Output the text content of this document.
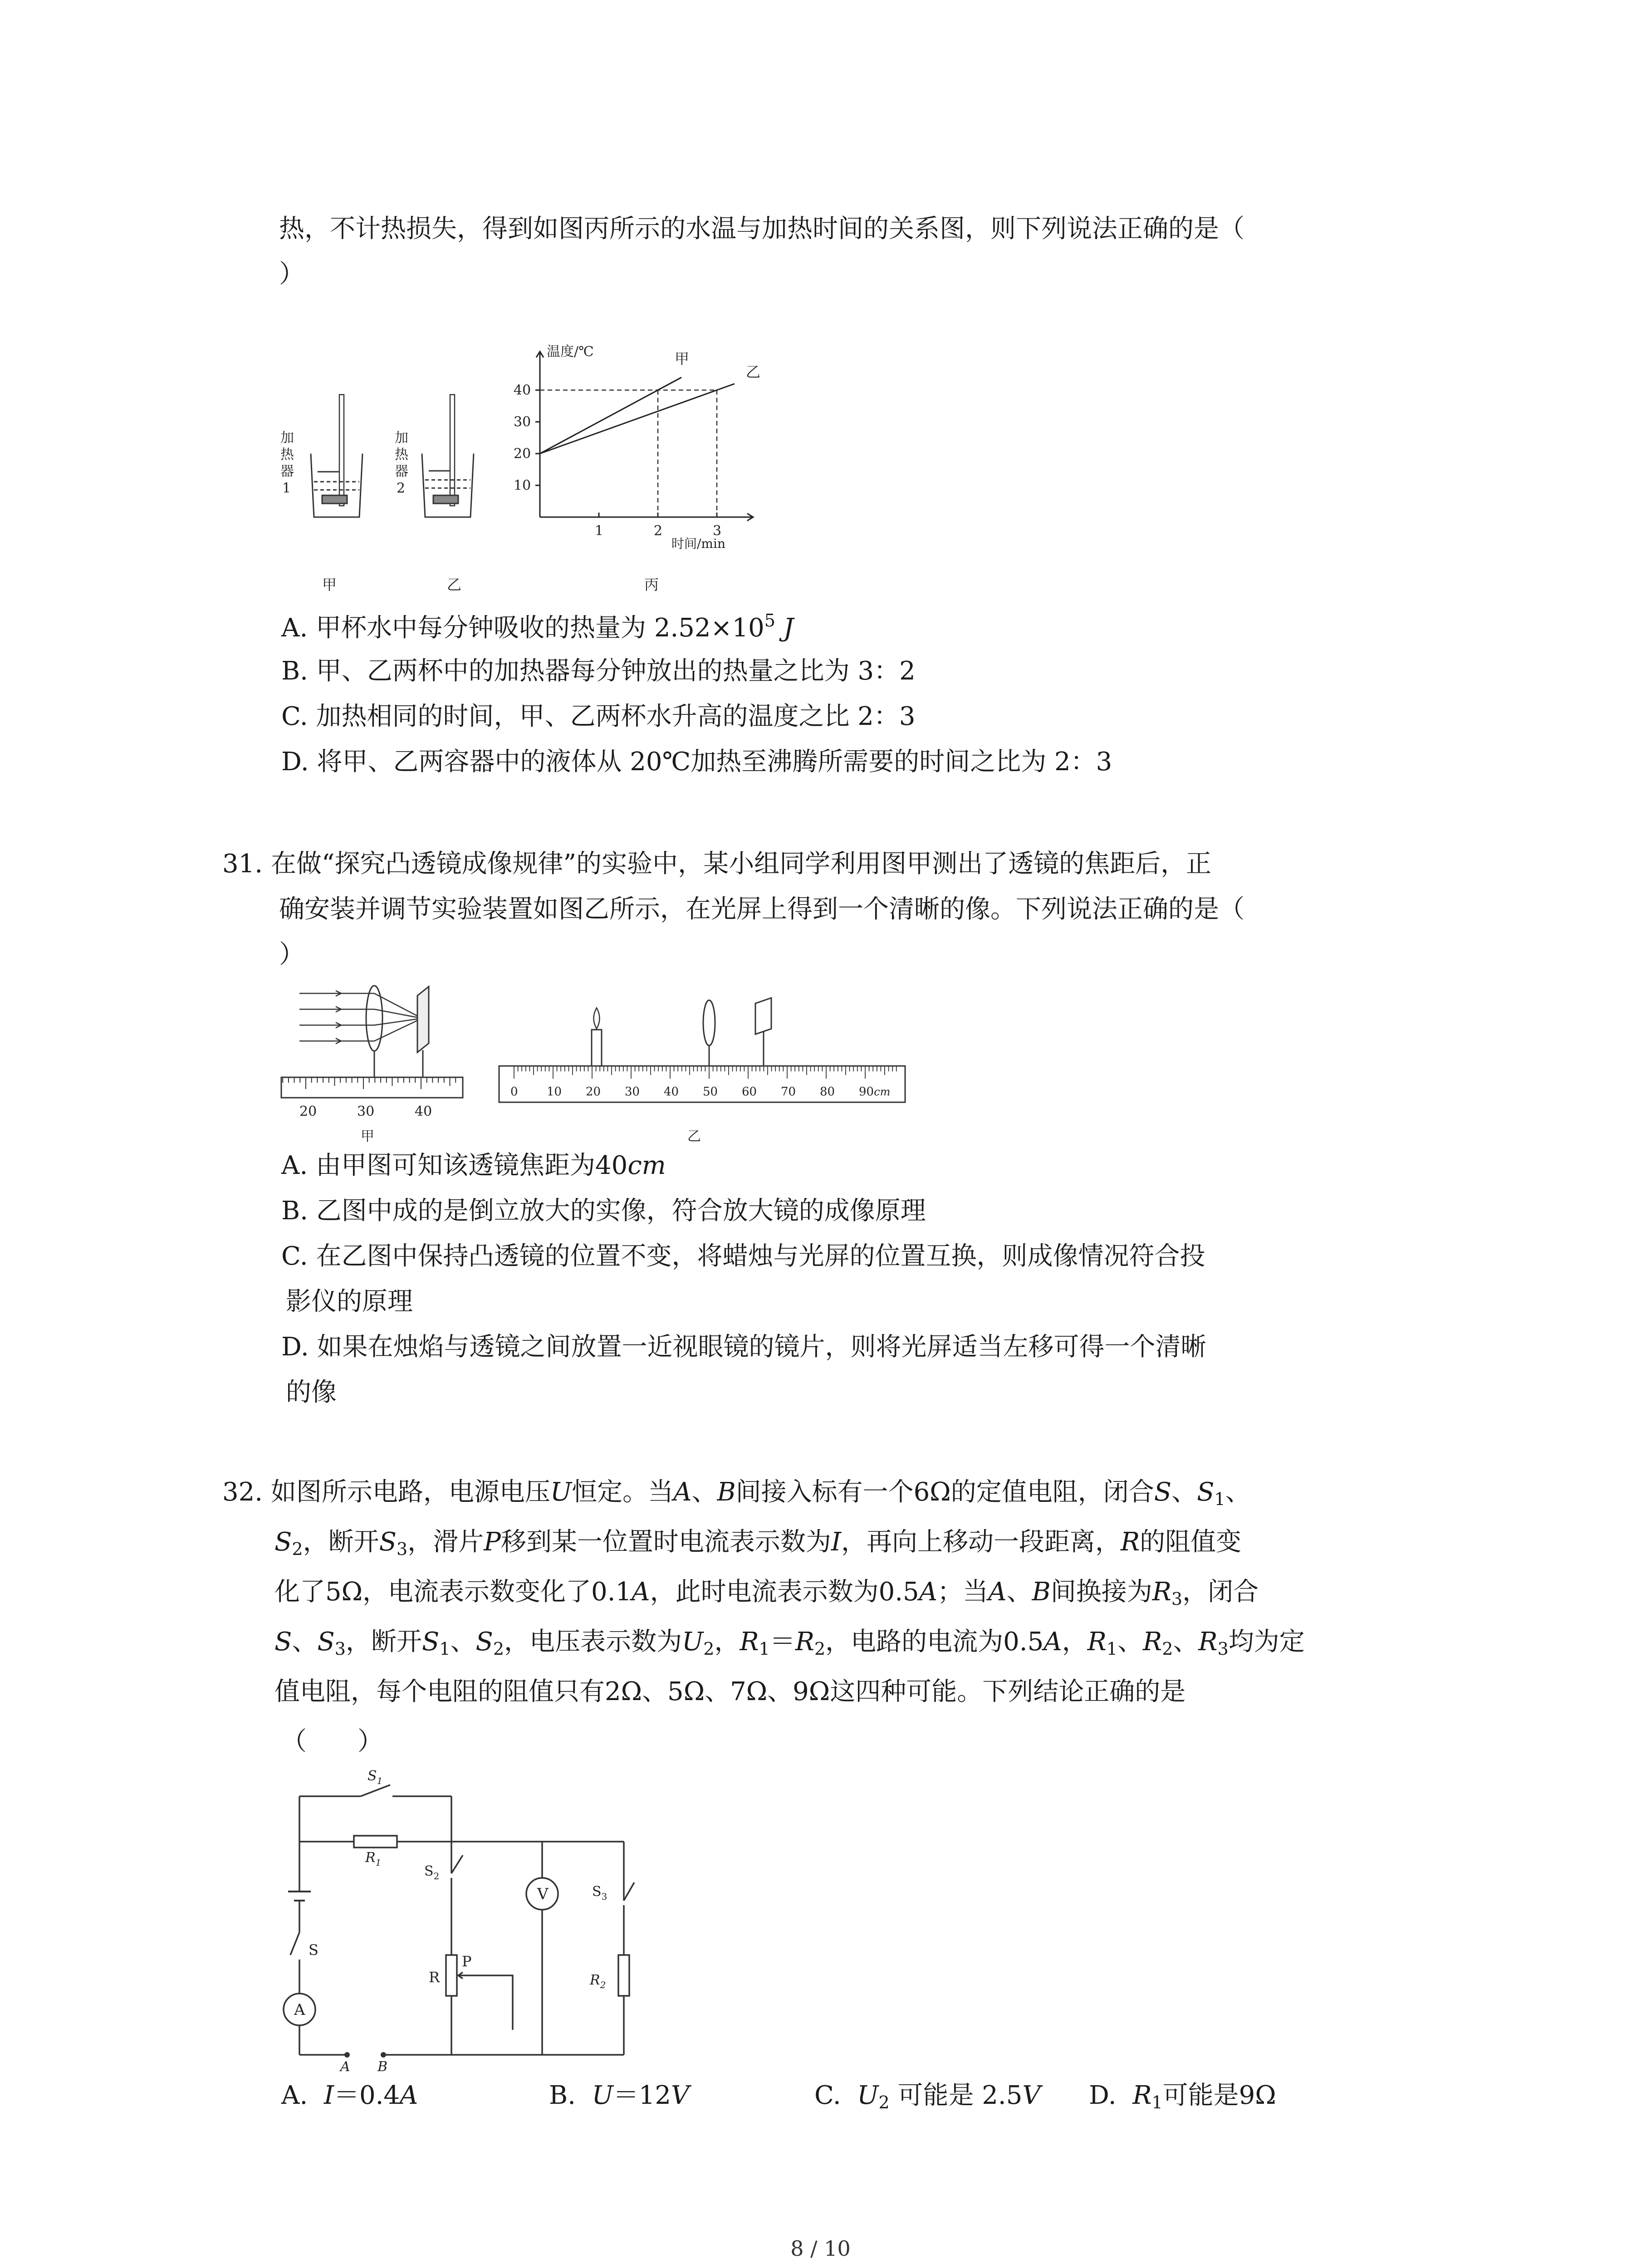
热，不计热损失，得到如图丙所示的水温与加热时间的关系图，则下列说法正确的是（
）
加
热
器
1
加
热
器
2
甲	乙
温度/℃
时间/min
10
20
30
40
1	2	3
甲
乙
丙
A. 甲杯水中每分钟吸收的热量为 $2.52\times 10^5$ J
B. 甲、乙两杯中的加热器每分钟放出的热量之比为 3：2
C. 加热相同的时间，甲、乙两杯水升高的温度之比 2：3
D. 将甲、乙两容器中的液体从 20℃加热至沸腾所需要的时间之比为 2：3
31. 在做“探究凸透镜成像规律”的实验中，某小组同学利用图甲测出了透镜的焦距后，正
确安装并调节实验装置如图乙所示，在光屏上得到一个清晰的像。下列说法正确的是（
）
20	30	40
甲
0 10 20 30 40 50 60 70 80 90 cm
乙
A. 由甲图可知该透镜焦距为40cm
B. 乙图中成的是倒立放大的实像，符合放大镜的成像原理
C. 在乙图中保持凸透镜的位置不变，将蜡烛与光屏的位置互换，则成像情况符合投
影仪的原理
D. 如果在烛焰与透镜之间放置一近视眼镜的镜片，则将光屏适当左移可得一个清晰
的像
32. 如图所示电路，电源电压U恒定。当A、B间接入标有一个6Ω的定值电阻，闭合S、$S_1$、
$S_2$，断开$S_3$，滑片P移到某一位置时电流表示数为I，再向上移动一段距离，R的阻值变
化了5Ω，电流表示数变化了0.1A，此时电流表示数为0.5A；当A、B间换接为$R_3$，闭合
S、$S_3$，断开$S_1$、$S_2$，电压表示数为$U_2$，$R_1=R_2$，电路的电流为0.5A，$R_1$、$R_2$、$R_3$均为定
值电阻，每个电阻的阻值只有2Ω、5Ω、7Ω、9Ω这四种可能。下列结论正确的是
（　　）
$S_1$
$R_1$
$S_2$
$S_3$
S
A
V
R
P
$R_2$
A B
A. I＝0.4A	B. U＝12V	C. $U_2$ 可能是 2.5V D. $R_1$可能是9Ω
8 / 10
